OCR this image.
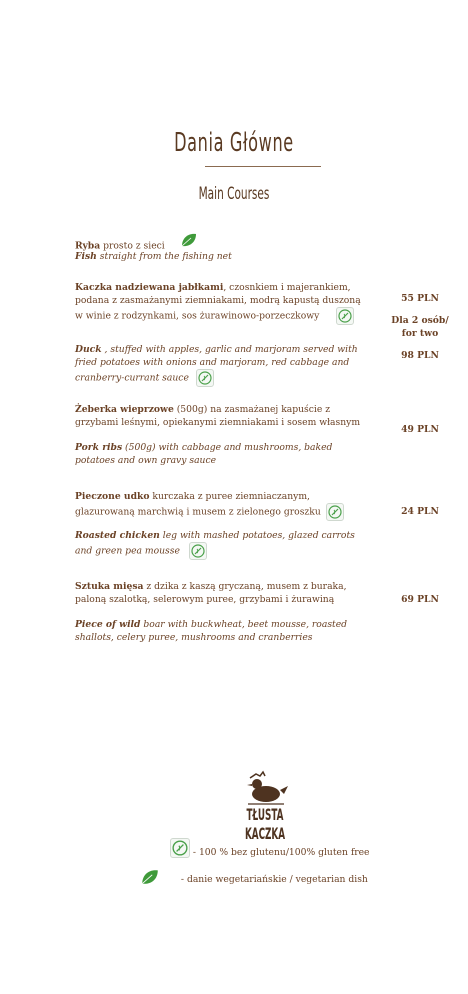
Dania Główne
Main Courses
Ryba prosto z sieci
Fish straight from the fishing net
Kaczka nadziewana jabłkami, czosnkiem i majerankiem, podana z zasmażanymi ziemniakami, modrą kapustą duszoną w winie z rodzynkami, sos żurawinowo-porzeczkowy
55 PLN
Dla 2 osób/ for two
Duck , stuffed with apples, garlic and marjoram served with fried potatoes with onions and marjoram, red cabbage and cranberry-currant sauce
98 PLN
Żeberka wieprzowe (500g) na zasmażanej kapuście z grzybami leśnymi, opiekanymi ziemniakami i sosem własnym
49 PLN
Pork ribs (500g) with cabbage and mushrooms, baked potatoes and own gravy sauce
Pieczone udko kurczaka z puree ziemniaczanym, glazurowaną marchwią i musem z zielonego groszku	24 PLN
Roasted chicken leg with mashed potatoes, glazed carrots and green pea mousse
Sztuka mięsa z dzika z kaszą gryczaną, musem z buraka, paloną szalotką, selerowym puree, grzybami i żurawiną	69 PLN
Piece of wild boar with buckwheat, beet mousse, roasted shallots, celery puree, mushrooms and cranberries
TŁUSTA KACZKA
- 100 % bez glutenu/100% gluten free
- danie wegetariańskie / vegetarian dish
